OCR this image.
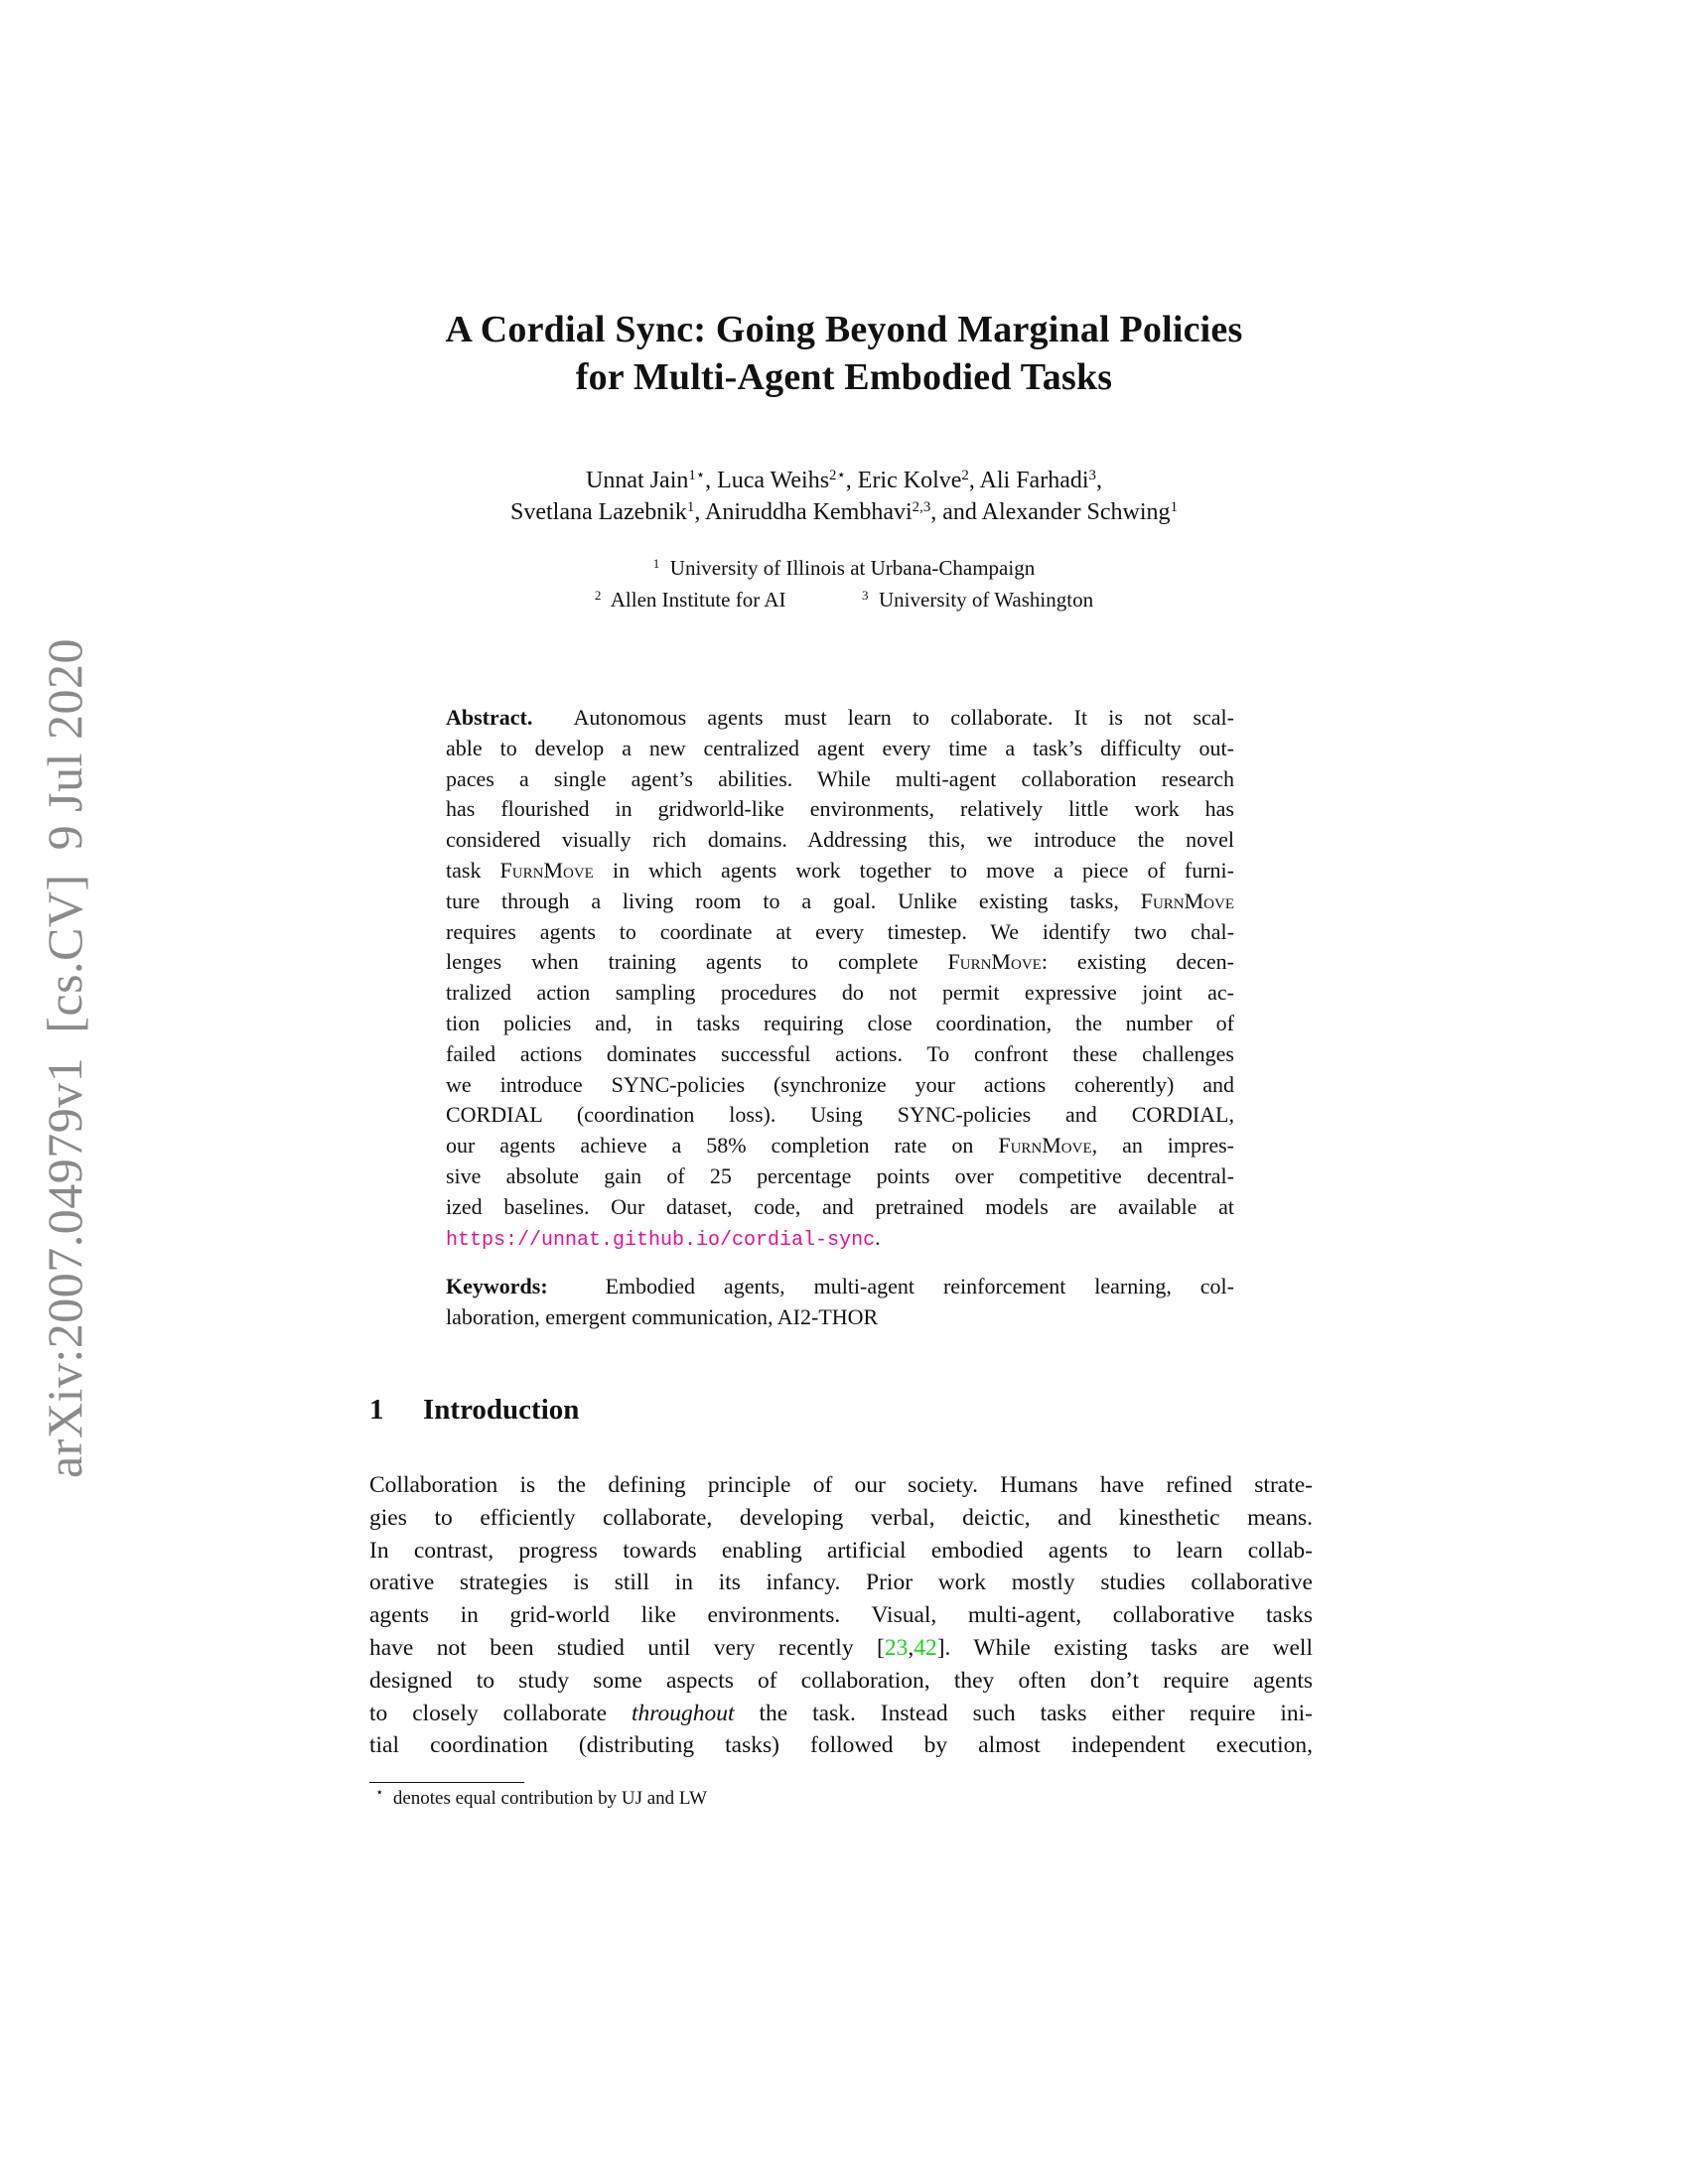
arXiv:2007.04979v1[cs.CV]9 Jul 2020
A Cordial Sync: Going Beyond Marginal Policies
for Multi-Agent Embodied Tasks
Unnat Jain$^{1⋆}$, Luca Weihs$^{2⋆}$, Eric Kolve$^2$, Ali Farhadi$^3$,
Svetlana Lazebnik$^1$, Aniruddha Kembhavi$^{2,3}$, and Alexander Schwing$^1$
$^1$ University of Illinois at Urbana-Champaign
$^2$ Allen Institute for AI	$^3$ University of Washington
Abstract. Autonomous agents must learn to collaborate. It is not scal-
able to develop a new centralized agent every time a task’s difficulty out-
paces a single agent’s abilities. While multi-agent collaboration research
has flourished in gridworld-like environments, relatively little work has
considered visually rich domains. Addressing this, we introduce the novel
task FurnMove in which agents work together to move a piece of furni-
ture through a living room to a goal. Unlike existing tasks, FurnMove
requires agents to coordinate at every timestep. We identify two chal-
lenges when training agents to complete FurnMove: existing decen-
tralized action sampling procedures do not permit expressive joint ac-
tion policies and, in tasks requiring close coordination, the number of
failed actions dominates successful actions. To confront these challenges
we introduce SYNC-policies (synchronize your actions coherently) and
CORDIAL (coordination loss). Using SYNC-policies and CORDIAL,
our agents achieve a 58% completion rate on FurnMove, an impres-
sive absolute gain of 25 percentage points over competitive decentral-
ized baselines. Our dataset, code, and pretrained models are available at
https://unnat.github.io/cordial-sync.
Keywords:	Embodied agents, multi-agent reinforcement learning, col-
laboration, emergent communication, AI2-THOR
1 Introduction
Collaboration is the defining principle of our society. Humans have refined strate-
gies to efficiently collaborate, developing verbal, deictic, and kinesthetic means.
In contrast, progress towards enabling artificial embodied agents to learn collab-
orative strategies is still in its infancy. Prior work mostly studies collaborative
agents in grid-world like environments. Visual, multi-agent, collaborative tasks
have not been studied until very recently [23,42]. While existing tasks are well
designed to study some aspects of collaboration, they often don’t require agents
to closely collaborate throughout the task. Instead such tasks either require ini-
tial coordination (distributing tasks) followed by almost independent execution,
⋆ denotes equal contribution by UJ and LW
